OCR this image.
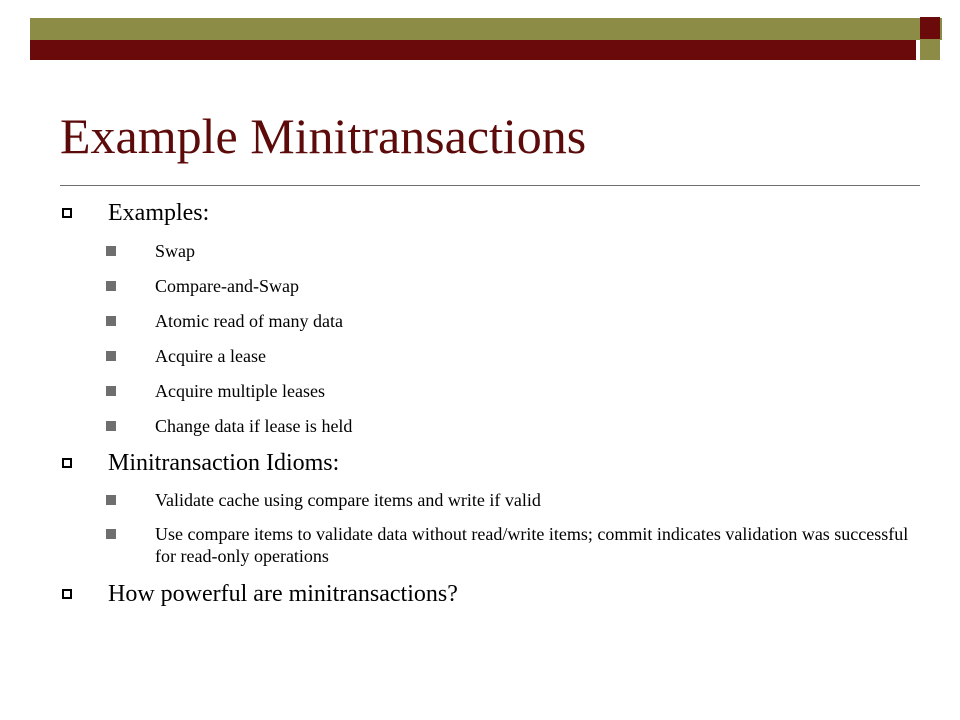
Example Minitransactions
Examples:
Swap
Compare-and-Swap
Atomic read of many data
Acquire a lease
Acquire multiple leases
Change data if lease is held
Minitransaction Idioms:
Validate cache using compare items and write if valid
Use compare items to validate data without read/write items; commit indicates validation was successful for read-only operations
How powerful are minitransactions?
